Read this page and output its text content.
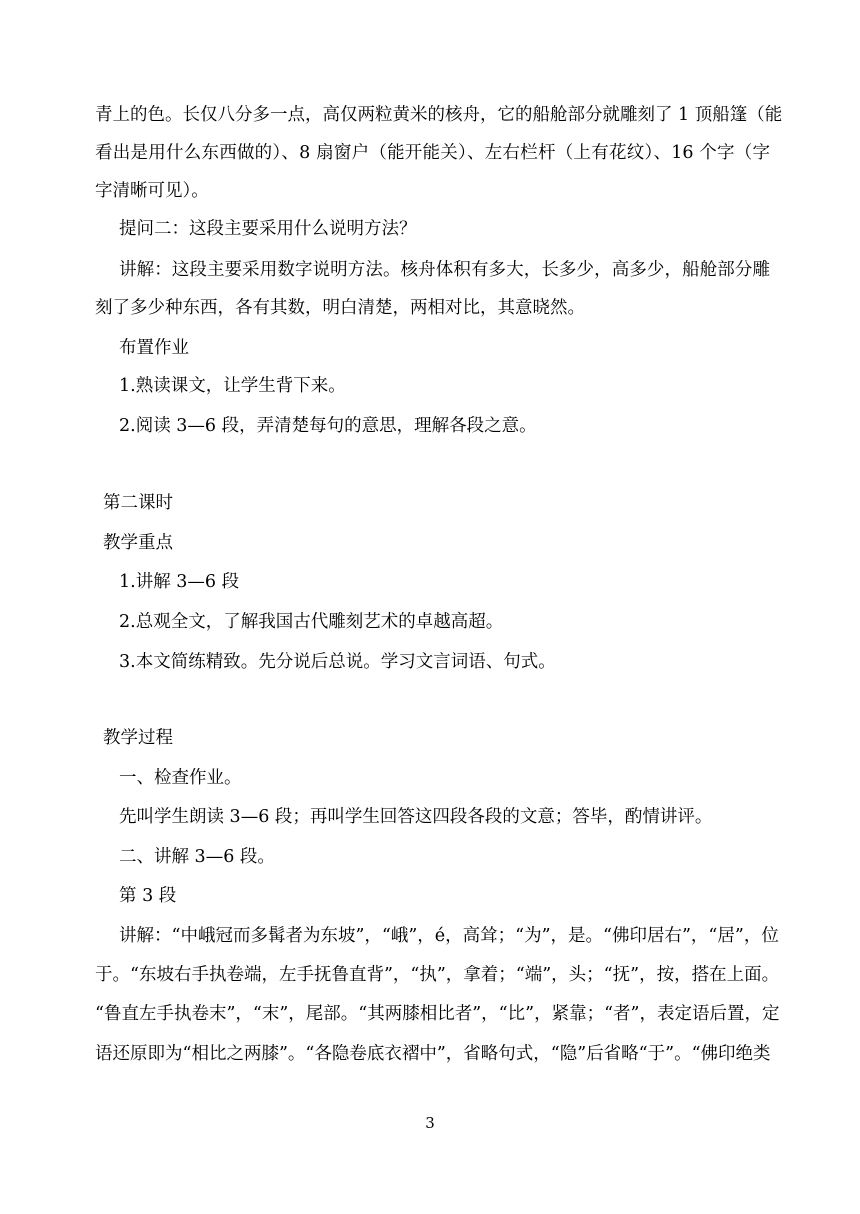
青上的色。长仅八分多一点，高仅两粒黄米的核舟，它的船舱部分就雕刻了 1 顶船篷（能
看出是用什么东西做的）、8 扇窗户（能开能关）、左右栏杆（上有花纹）、16 个字（字
字清晰可见）。
提问二：这段主要采用什么说明方法？
讲解：这段主要采用数字说明方法。核舟体积有多大，长多少，高多少，船舱部分雕
刻了多少种东西，各有其数，明白清楚，两相对比，其意晓然。
布置作业
1.熟读课文，让学生背下来。
2.阅读 3—6 段，弄清楚每句的意思，理解各段之意。
第二课时
教学重点
1.讲解 3—6 段
2.总观全文，了解我国古代雕刻艺术的卓越高超。
3.本文简练精致。先分说后总说。学习文言词语、句式。
教学过程
一、检查作业。
先叫学生朗读 3—6 段；再叫学生回答这四段各段的文意；答毕，酌情讲评。
二、讲解 3—6 段。
第 3 段
讲解：“中峨冠而多髯者为东坡”，“峨”，é，高耸；“为”，是。“佛印居右”，“居”，位
于。“东坡右手执卷端，左手抚鲁直背”，“执”，拿着；“端”，头；“抚”，按，搭在上面。
“鲁直左手执卷末”，“末”，尾部。“其两膝相比者”，“比”，紧靠；“者”，表定语后置，定
语还原即为“相比之两膝”。“各隐卷底衣褶中”，省略句式，“隐”后省略“于”。“佛印绝类
3
